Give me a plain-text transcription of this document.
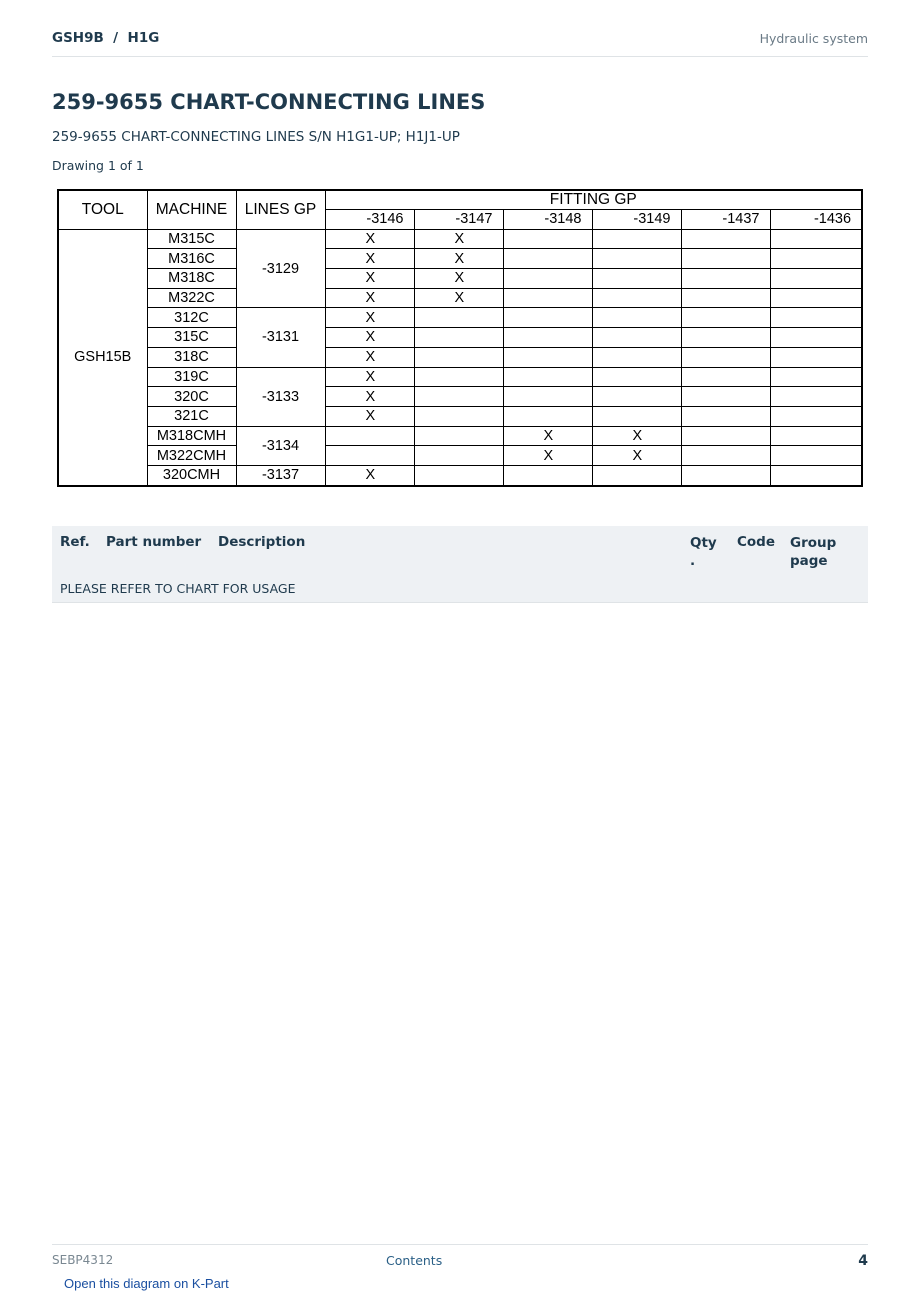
GSH9B  /  H1G	Hydraulic system
259-9655 CHART-CONNECTING LINES
259-9655 CHART-CONNECTING LINES S/N H1G1-UP; H1J1-UP
Drawing 1 of 1
TOOL	MACHINE	LINES GP	FITTING GP					
			-3146	-3147	-3148	-3149	-1437	-1436
GSH15B	M315C	-3129	X	X				
	M316C		X	X				
	M318C		X	X				
	M322C		X	X				
	312C	-3131	X					
	315C		X					
	318C		X					
	319C	-3133	X					
	320C		X					
	321C		X					
	M318CMH	-3134			X	X		
	M322CMH				X	X		
	320CMH	-3137	X					
Ref. Part number Description	Qty
.
Code Group
page
PLEASE REFER TO CHART FOR USAGE
SEBP4312	Contents	4
Open this diagram on K-Part
